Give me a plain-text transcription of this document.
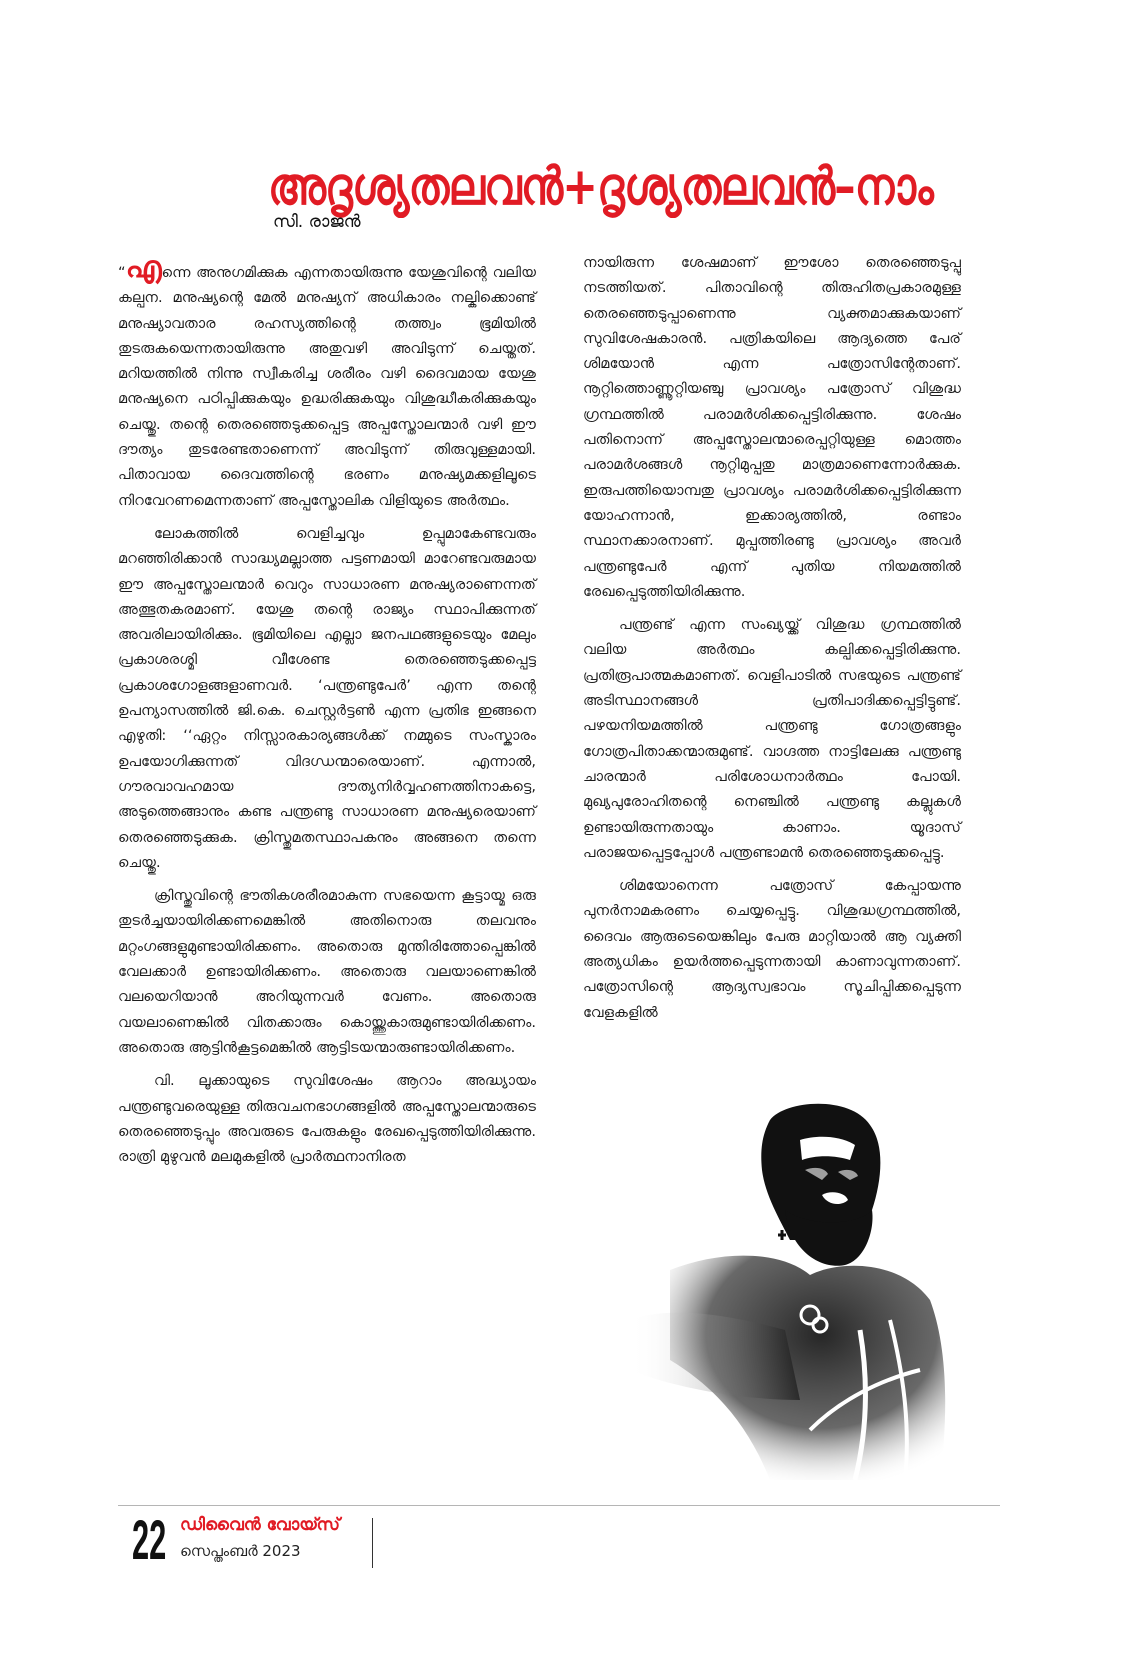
അദൃശ്യതലവൻ+ദൃശ്യതലവൻ–നാം
സി. രാജൻ

“എന്നെ അനുഗമിക്കുക എന്നതായിരുന്നു യേശുവിന്റെ വലിയ കല്പന. മനുഷ്യന്റെ മേൽ മനുഷ്യന് അധികാരം നല്കിക്കൊണ്ട് മനുഷ്യാവതാര രഹസ്യത്തിന്റെ തത്ത്വം ഭൂമിയിൽ തുടരുകയെന്നതായിരുന്നു അതുവഴി അവിടുന്ന് ചെയ്തത്. മറിയത്തിൽ നിന്നു സ്വീകരിച്ച ശരീരം വഴി ദൈവമായ യേശു മനുഷ്യനെ പഠിപ്പിക്കുകയും ഉദ്ധരിക്കുകയും വിശുദ്ധീകരിക്കുകയും ചെയ്തു. തന്റെ തെരഞ്ഞെടുക്കപ്പെട്ട അപ്പസ്തോലന്മാർ വഴി ഈ ദൗത്യം തുടരേണ്ടതാണെന്ന് അവിടുന്ന് തിരുവുള്ളമായി. പിതാവായ ദൈവത്തിന്റെ ഭരണം മനുഷ്യമക്കളിലൂടെ നിറവേറണമെന്നതാണ് അപ്പസ്തോലിക വിളിയുടെ അർത്ഥം.

ലോകത്തിൽ വെളിച്ചവും ഉപ്പുമാകേണ്ടവരും മറഞ്ഞിരിക്കാൻ സാദ്ധ്യമല്ലാത്ത പട്ടണമായി മാറേണ്ടവരുമായ ഈ അപ്പസ്തോലന്മാർ വെറും സാധാരണ മനുഷ്യരാണെന്നത് അത്ഭുതകരമാണ്. യേശു തന്റെ രാജ്യം സ്ഥാപിക്കുന്നത് അവരിലായിരിക്കും. ഭൂമിയിലെ എല്ലാ ജനപഥങ്ങളുടെയും മേലും പ്രകാശരശ്മി വീശേണ്ട തെരഞ്ഞെടുക്കപ്പെട്ട പ്രകാശഗോളങ്ങളാണവർ. ‘പന്ത്രണ്ടുപേർ’ എന്ന തന്റെ ഉപന്യാസത്തിൽ ജി.കെ. ചെസ്റ്റർട്ടൺ എന്ന പ്രതിഭ ഇങ്ങനെ എഴുതി: ‘‘ഏറ്റം നിസ്സാരകാര്യങ്ങൾക്ക് നമ്മുടെ സംസ്കാരം ഉപയോഗിക്കുന്നത് വിദഗ്ധന്മാരെയാണ്. എന്നാൽ, ഗൗരവാവഹമായ ദൗത്യനിർവ്വഹണത്തിനാകട്ടെ, അടുത്തെങ്ങാനും കണ്ട പന്ത്രണ്ടു സാധാരണ മനുഷ്യരെയാണ് തെരഞ്ഞെടുക്കുക. ക്രിസ്തുമതസ്ഥാപകനും അങ്ങനെ തന്നെ ചെയ്തു.

ക്രിസ്തുവിന്റെ ഭൗതികശരീരമാകുന്ന സഭയെന്ന കൂട്ടായ്മ ഒരു തുടർച്ചയായിരിക്കണമെങ്കിൽ അതിനൊരു തലവനും മറ്റംഗങ്ങളുമുണ്ടായിരിക്കണം. അതൊരു മുന്തിരിത്തോപ്പെങ്കിൽ വേലക്കാർ ഉണ്ടായിരിക്കണം. അതൊരു വലയാണെങ്കിൽ വലയെറിയാൻ അറിയുന്നവർ വേണം. അതൊരു വയലാണെങ്കിൽ വിതക്കാരും കൊയ്ത്തുകാരുമുണ്ടായിരിക്കണം. അതൊരു ആട്ടിൻകൂട്ടമെങ്കിൽ ആട്ടിടയന്മാരുണ്ടായിരിക്കണം.

വി. ലൂക്കായുടെ സുവിശേഷം ആറാം അദ്ധ്യായം പന്ത്രണ്ടുവരെയുള്ള തിരുവചനഭാഗങ്ങളിൽ അപ്പസ്തോലന്മാരുടെ തെരഞ്ഞെടുപ്പും അവരുടെ പേരുകളും രേഖപ്പെടുത്തിയിരിക്കുന്നു. രാത്രി മുഴുവൻ മലമുകളിൽ പ്രാർത്ഥനാനിരത

നായിരുന്ന ശേഷമാണ് ഈശോ തെരഞ്ഞെടുപ്പു നടത്തിയത്. പിതാവിന്റെ തിരുഹിതപ്രകാരമുള്ള തെരഞ്ഞെടുപ്പാണെന്നു വ്യക്തമാക്കുകയാണ് സുവിശേഷകാരൻ. പത്രികയിലെ ആദ്യത്തെ പേര് ശിമയോൻ എന്ന പത്രോസിന്റേതാണ്. നൂറ്റിത്തൊണ്ണൂറ്റിയഞ്ചു പ്രാവശ്യം പത്രോസ് വിശുദ്ധ ഗ്രന്ഥത്തിൽ പരാമർശിക്കപ്പെട്ടിരിക്കുന്നു. ശേഷം പതിനൊന്ന് അപ്പസ്തോലന്മാരെപ്പറ്റിയുള്ള മൊത്തം പരാമർശങ്ങൾ നൂറ്റിമുപ്പതു മാത്രമാണെന്നോർക്കുക. ഇരുപത്തിയൊമ്പതു പ്രാവശ്യം പരാമർശിക്കപ്പെട്ടിരിക്കുന്ന യോഹന്നാൻ, ഇക്കാര്യത്തിൽ, രണ്ടാം സ്ഥാനക്കാരനാണ്. മുപ്പത്തിരണ്ടു പ്രാവശ്യം അവർ പന്ത്രണ്ടുപേർ എന്ന് പുതിയ നിയമത്തിൽ രേഖപ്പെടുത്തിയിരിക്കുന്നു.

പന്ത്രണ്ട് എന്ന സംഖ്യയ്ക്ക് വിശുദ്ധ ഗ്രന്ഥത്തിൽ വലിയ അർത്ഥം കല്പിക്കപ്പെട്ടിരിക്കുന്നു. പ്രതിരൂപാത്മകമാണത്. വെളിപാടിൽ സഭയുടെ പന്ത്രണ്ട് അടിസ്ഥാനങ്ങൾ പ്രതിപാദിക്കപ്പെട്ടിട്ടുണ്ട്. പഴയനിയമത്തിൽ പന്ത്രണ്ടു ഗോത്രങ്ങളും ഗോത്രപിതാക്കന്മാരുമുണ്ട്. വാഗ്ദത്ത നാട്ടിലേക്കു പന്ത്രണ്ടു ചാരന്മാർ പരിശോധനാർത്ഥം പോയി. മുഖ്യപുരോഹിതന്റെ നെഞ്ചിൽ പന്ത്രണ്ടു കല്ലുകൾ ഉണ്ടായിരുന്നതായും കാണാം. യൂദാസ് പരാജയപ്പെട്ടപ്പോൾ പന്ത്രണ്ടാമൻ തെരഞ്ഞെടുക്കപ്പെട്ടു.

ശിമയോനെന്ന പത്രോസ് കേപ്പായന്നു പുനർനാമകരണം ചെയ്യപ്പെട്ടു. വിശുദ്ധഗ്രന്ഥത്തിൽ, ദൈവം ആരുടെയെങ്കിലും പേരു മാറ്റിയാൽ ആ വ്യക്തി അത്യധികം ഉയർത്തപ്പെടുന്നതായി കാണാവുന്നതാണ്. പത്രോസിന്റെ ആദ്യസ്വഭാവം സൂചിപ്പിക്കപ്പെടുന്ന വേളകളിൽ

22 ഡിവൈൻ വോയ്സ്
സെപ്തംബർ 2023
